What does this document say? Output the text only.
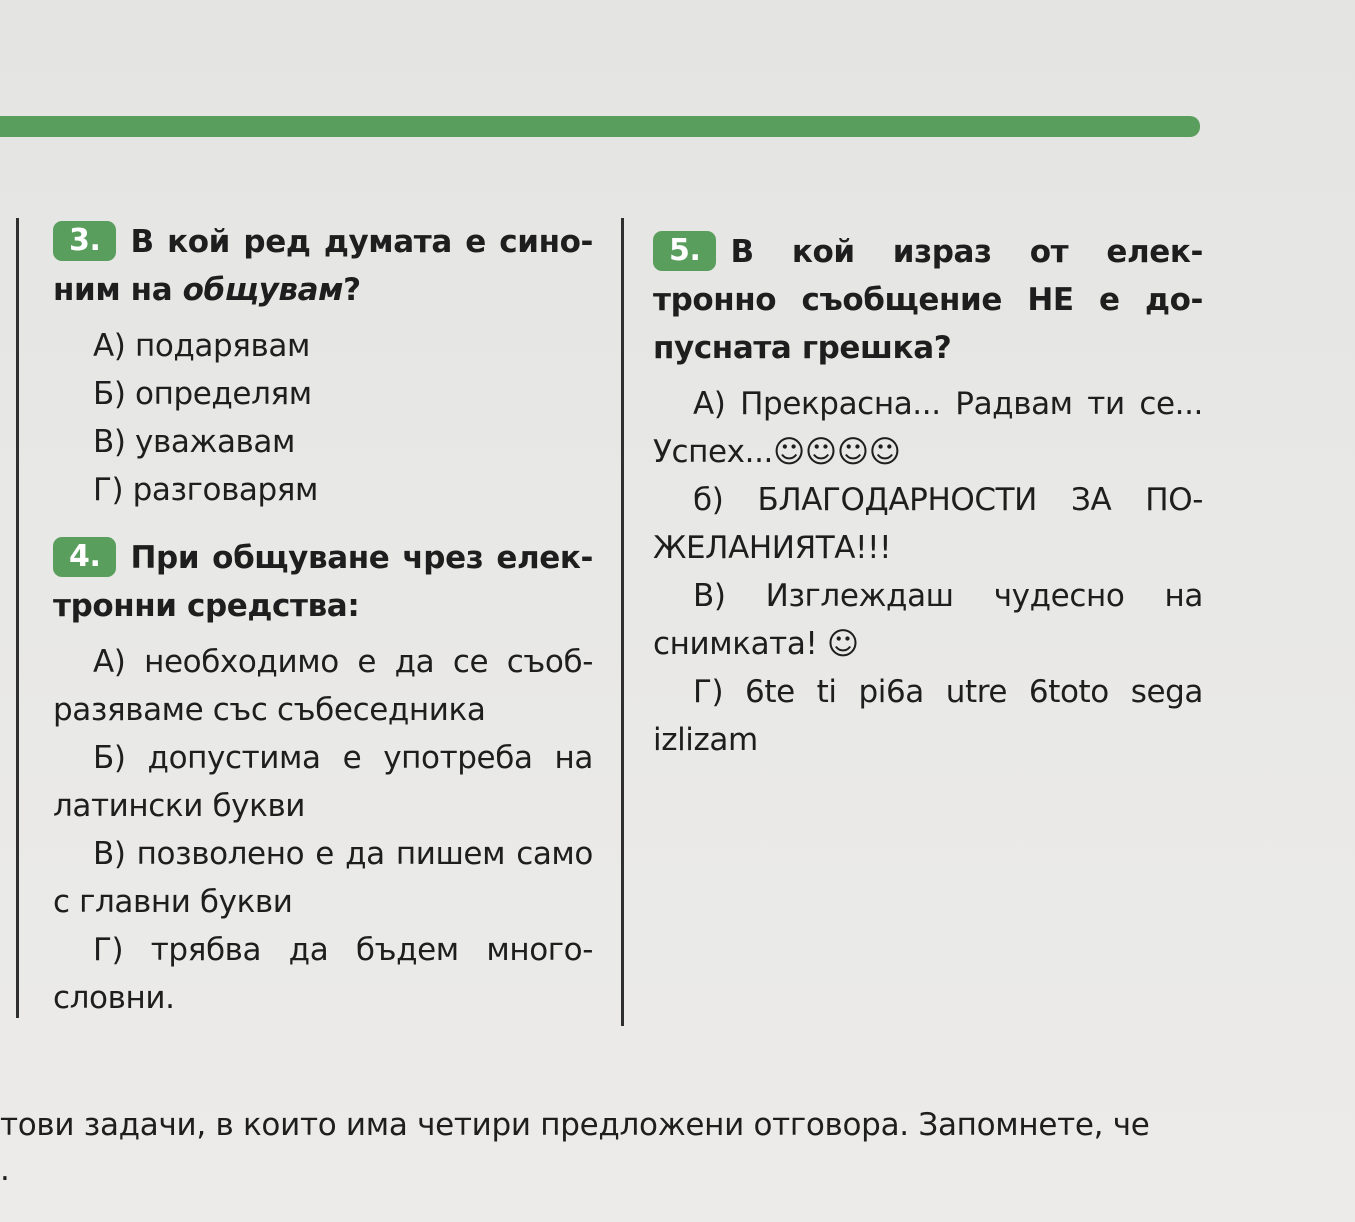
3. В кой ред думата е сино-ним на общувам?
А) подарявам
Б) определям
В) уважавам
Г) разговарям
4. При общуване чрез елек-тронни средства:
А) необходимо е да се съоб-разяваме със събеседника
Б) допустима е употреба на латински букви
В) позволено е да пишем само с главни букви
Г) трябва да бъдем много-словни.
5. В кой израз от елек-тронно съобщение НЕ е до-пусната грешка?
А) Прекрасна... Радвам ти се... Успех...☺☺☺☺
б) БЛАГОДАРНОСТИ ЗА ПО-ЖЕЛАНИЯТА!!!
В) Изглеждаш чудесно на снимката! ☺
Г) 6te ti pi6a utre 6toto sega izlizam
тови задачи, в които има четири предложени отговора. Запомнете, че
.
